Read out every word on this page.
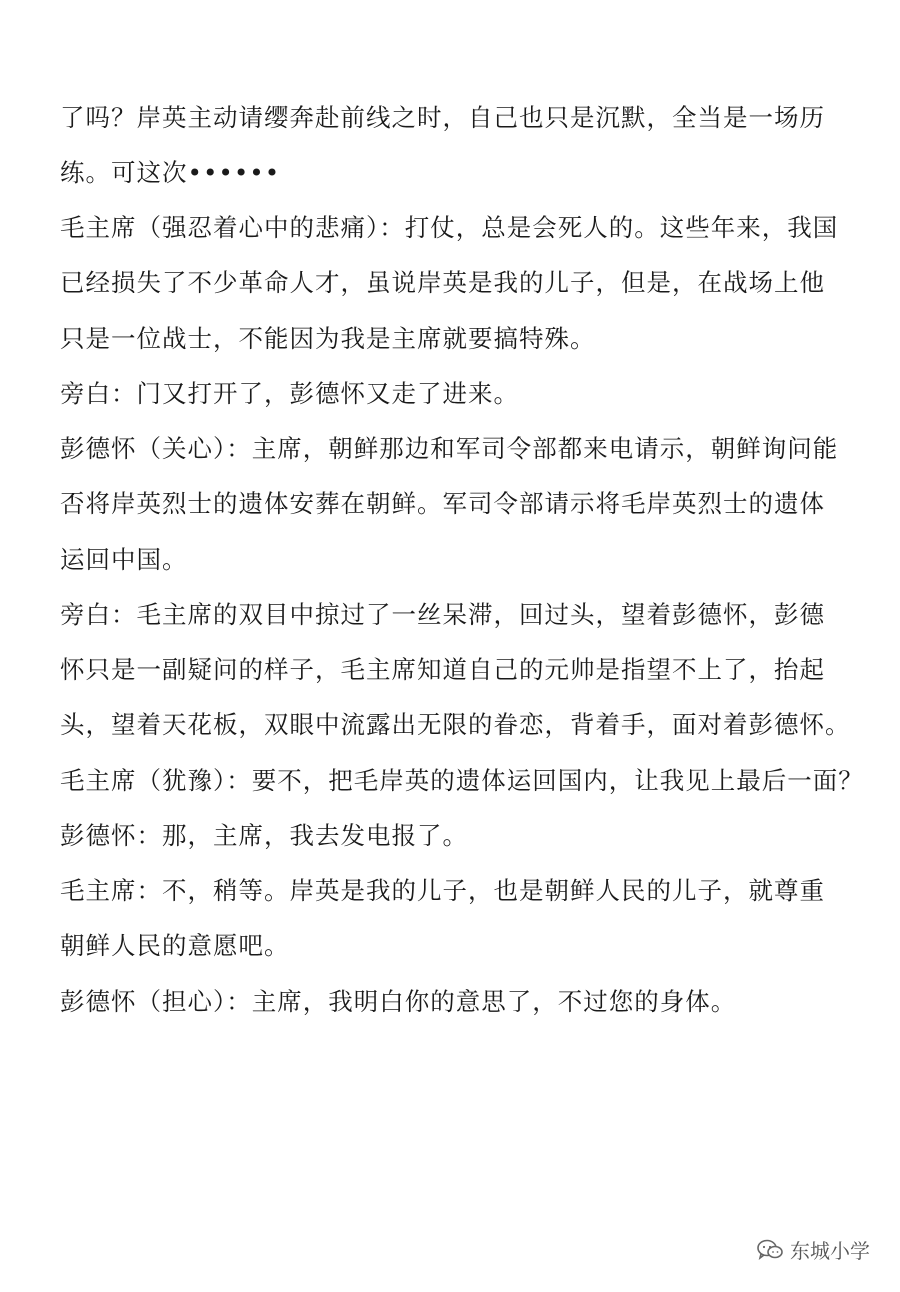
了吗？岸英主动请缨奔赴前线之时，自己也只是沉默，全当是一场历
练。可这次••••••
毛主席（强忍着心中的悲痛）：打仗，总是会死人的。这些年来，我国
已经损失了不少革命人才，虽说岸英是我的儿子，但是，在战场上他
只是一位战士，不能因为我是主席就要搞特殊。
旁白：门又打开了，彭德怀又走了进来。
彭德怀（关心）：主席，朝鲜那边和军司令部都来电请示，朝鲜询问能
否将岸英烈士的遗体安葬在朝鲜。军司令部请示将毛岸英烈士的遗体
运回中国。
旁白：毛主席的双目中掠过了一丝呆滞，回过头，望着彭德怀，彭德
怀只是一副疑问的样子，毛主席知道自己的元帅是指望不上了，抬起
头，望着天花板，双眼中流露出无限的眷恋，背着手，面对着彭德怀。
毛主席（犹豫）：要不，把毛岸英的遗体运回国内，让我见上最后一面？
彭德怀：那，主席，我去发电报了。
毛主席：不，稍等。岸英是我的儿子，也是朝鲜人民的儿子，就尊重
朝鲜人民的意愿吧。
彭德怀（担心）：主席，我明白你的意思了，不过您的身体。
东城小学
